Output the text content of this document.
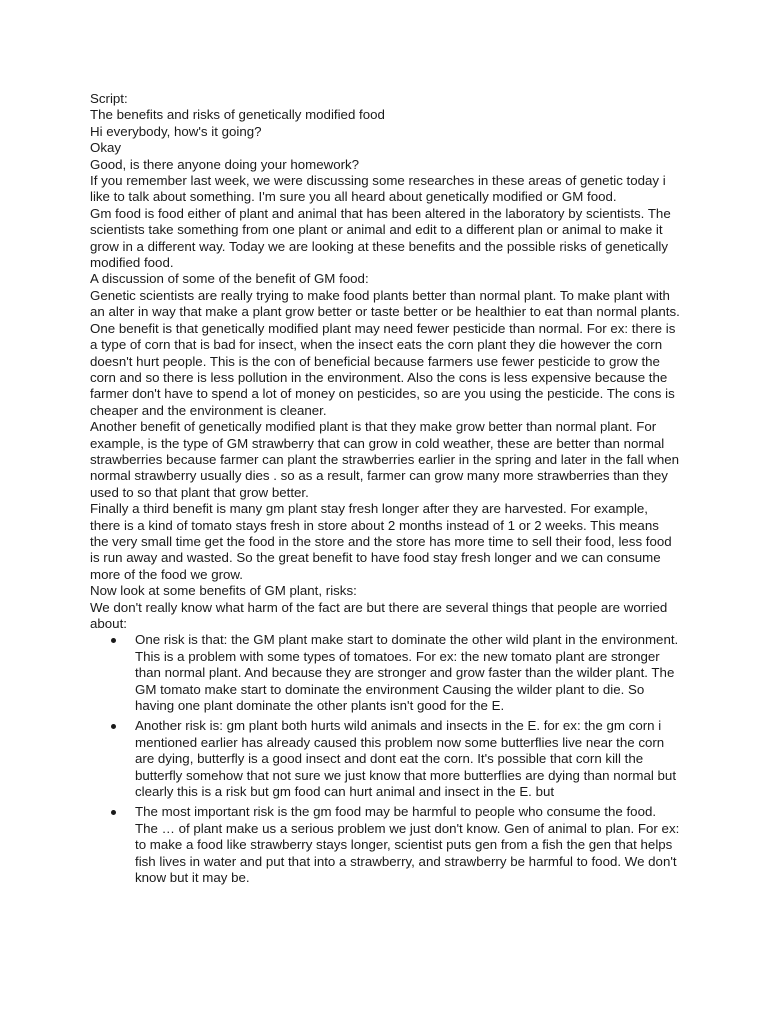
Script:

The benefits and risks of genetically modified food

Hi everybody, how's it going?

Okay

Good, is there anyone doing your homework?

If you remember last week, we were discussing some researches in these areas of genetic today i like to talk about something. I'm sure you all heard about genetically modified or GM food.

Gm food is food either of plant and animal that has been altered in the laboratory by scientists. The scientists take something from one plant or animal and edit to a different plan or animal to make it grow in a different way. Today we are looking at these benefits and the possible risks of genetically modified food.

A discussion of some of the benefit of GM food:

Genetic scientists are really trying to make food plants better than normal plant. To make plant with an alter in way that make a plant grow better or taste better or be healthier to eat than normal plants.

One benefit is that genetically modified plant may need fewer pesticide than normal. For ex: there is a type of corn that is bad for insect, when the insect eats the corn plant they die however the corn doesn't hurt people. This is the con of beneficial because farmers use fewer pesticide to grow the corn and so there is less pollution in the environment. Also the cons is less expensive because the farmer don't have to spend a lot of money on pesticides, so are you using the pesticide. The cons is cheaper and the environment is cleaner.

Another benefit of genetically modified plant is that they make grow better than normal plant. For example, is the type of GM strawberry that can grow in cold weather, these are better than normal strawberries because farmer can plant the strawberries earlier in the spring and later in the fall when normal strawberry usually dies . so as a result, farmer can grow many more strawberries than they used to so that plant that grow better.

Finally a third benefit is many gm plant stay fresh longer after they are harvested. For example, there is a kind of tomato stays fresh in store about 2 months instead of 1 or 2 weeks. This means the very small time get the food in the store and the store has more time to sell their food, less food is run away and wasted. So the great benefit to have food stay fresh longer and we can consume more of the food we grow.

Now look at some benefits of GM plant, risks:

We don't really know what harm of the fact are but there are several things that people are worried about:

One risk is that: the GM plant make start to dominate the other wild plant in the environment. This is a problem with some types of tomatoes. For ex: the new tomato plant are stronger than normal plant. And because they are stronger and grow faster than the wilder plant. The GM tomato make start to dominate the environment Causing the wilder plant to die. So having one plant dominate the other plants isn't good for the E.
Another risk is: gm plant both hurts wild animals and insects in the E. for ex: the gm corn i mentioned earlier has already caused this problem now some butterflies live near the corn are dying, butterfly is a good insect and dont eat the corn. It's possible that corn kill the butterfly somehow that not sure we just know that more butterflies are dying than normal but clearly this is a risk but gm food can hurt animal and insect in the E. but
The most important risk is the gm food may be harmful to people who consume the food. The … of plant make us a serious problem we just don't know. Gen of animal to plan. For ex: to make a food like strawberry stays longer, scientist puts gen from a fish the gen that helps fish lives in water and put that into a strawberry, and strawberry be harmful to food. We don't know but it may be.
